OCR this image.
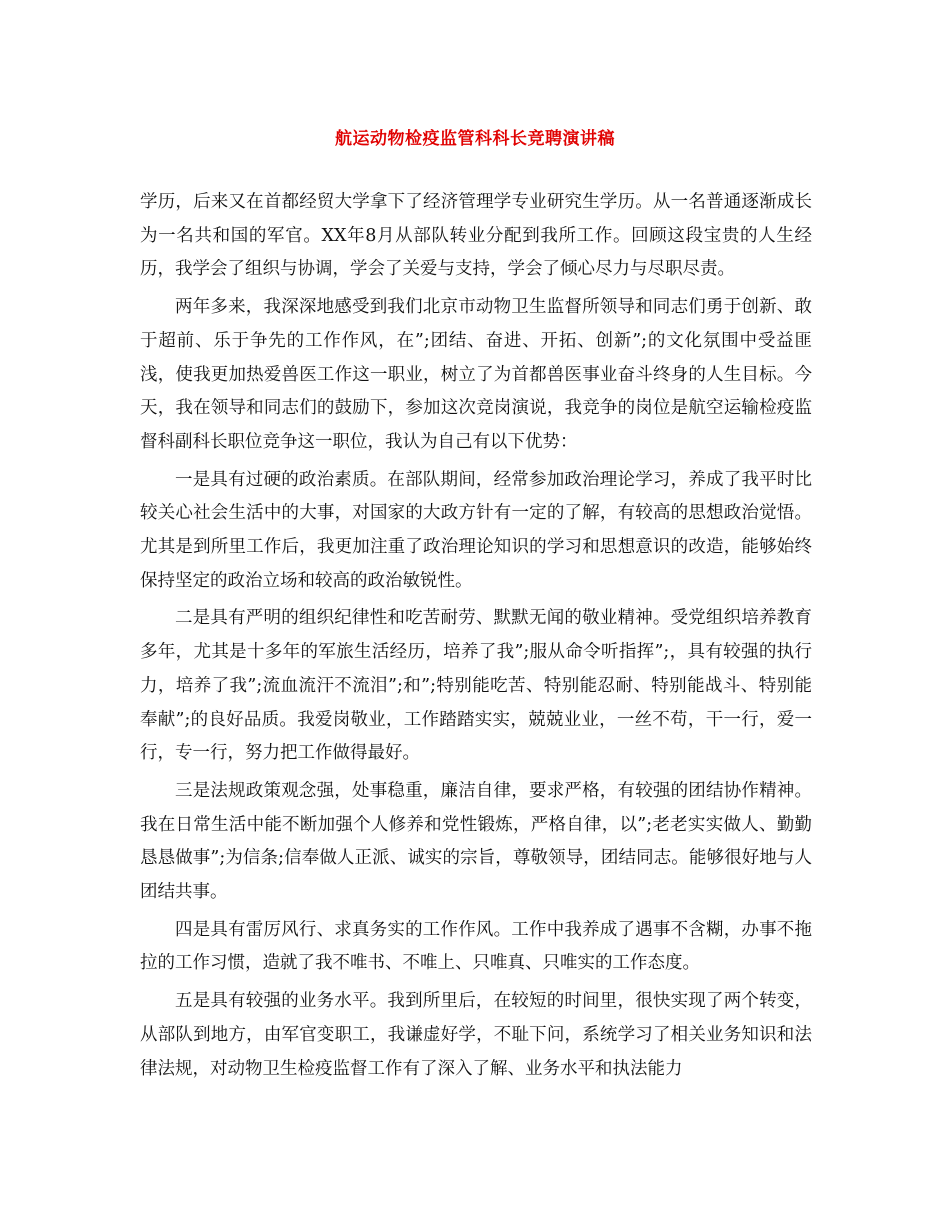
航运动物检疫监管科科长竞聘演讲稿

学历，后来又在首都经贸大学拿下了经济管理学专业研究生学历。从一名普通逐渐成长为一名共和国的军官。XX年8月从部队转业分配到我所工作。回顾这段宝贵的人生经历，我学会了组织与协调，学会了关爱与支持，学会了倾心尽力与尽职尽责。

两年多来，我深深地感受到我们北京市动物卫生监督所领导和同志们勇于创新、敢于超前、乐于争先的工作作风，在”;团结、奋进、开拓、创新”;的文化氛围中受益匪浅，使我更加热爱兽医工作这一职业，树立了为首都兽医事业奋斗终身的人生目标。今天，我在领导和同志们的鼓励下，参加这次竞岗演说，我竞争的岗位是航空运输检疫监督科副科长职位竞争这一职位，我认为自己有以下优势：

一是具有过硬的政治素质。在部队期间，经常参加政治理论学习，养成了我平时比较关心社会生活中的大事，对国家的大政方针有一定的了解，有较高的思想政治觉悟。尤其是到所里工作后，我更加注重了政治理论知识的学习和思想意识的改造，能够始终保持坚定的政治立场和较高的政治敏锐性。

二是具有严明的组织纪律性和吃苦耐劳、默默无闻的敬业精神。受党组织培养教育多年，尤其是十多年的军旅生活经历，培养了我”;服从命令听指挥”;，具有较强的执行力，培养了我”;流血流汗不流泪”;和”;特别能吃苦、特别能忍耐、特别能战斗、特别能奉献”;的良好品质。我爱岗敬业，工作踏踏实实，兢兢业业，一丝不苟，干一行，爱一行，专一行，努力把工作做得最好。

三是法规政策观念强，处事稳重，廉洁自律，要求严格，有较强的团结协作精神。我在日常生活中能不断加强个人修养和党性锻炼，严格自律，以”;老老实实做人、勤勤恳恳做事”;为信条;信奉做人正派、诚实的宗旨，尊敬领导，团结同志。能够很好地与人团结共事。

四是具有雷厉风行、求真务实的工作作风。工作中我养成了遇事不含糊，办事不拖拉的工作习惯，造就了我不唯书、不唯上、只唯真、只唯实的工作态度。

五是具有较强的业务水平。我到所里后，在较短的时间里，很快实现了两个转变，从部队到地方，由军官变职工，我谦虚好学，不耻下问，系统学习了相关业务知识和法律法规，对动物卫生检疫监督工作有了深入了解、业务水平和执法能力
